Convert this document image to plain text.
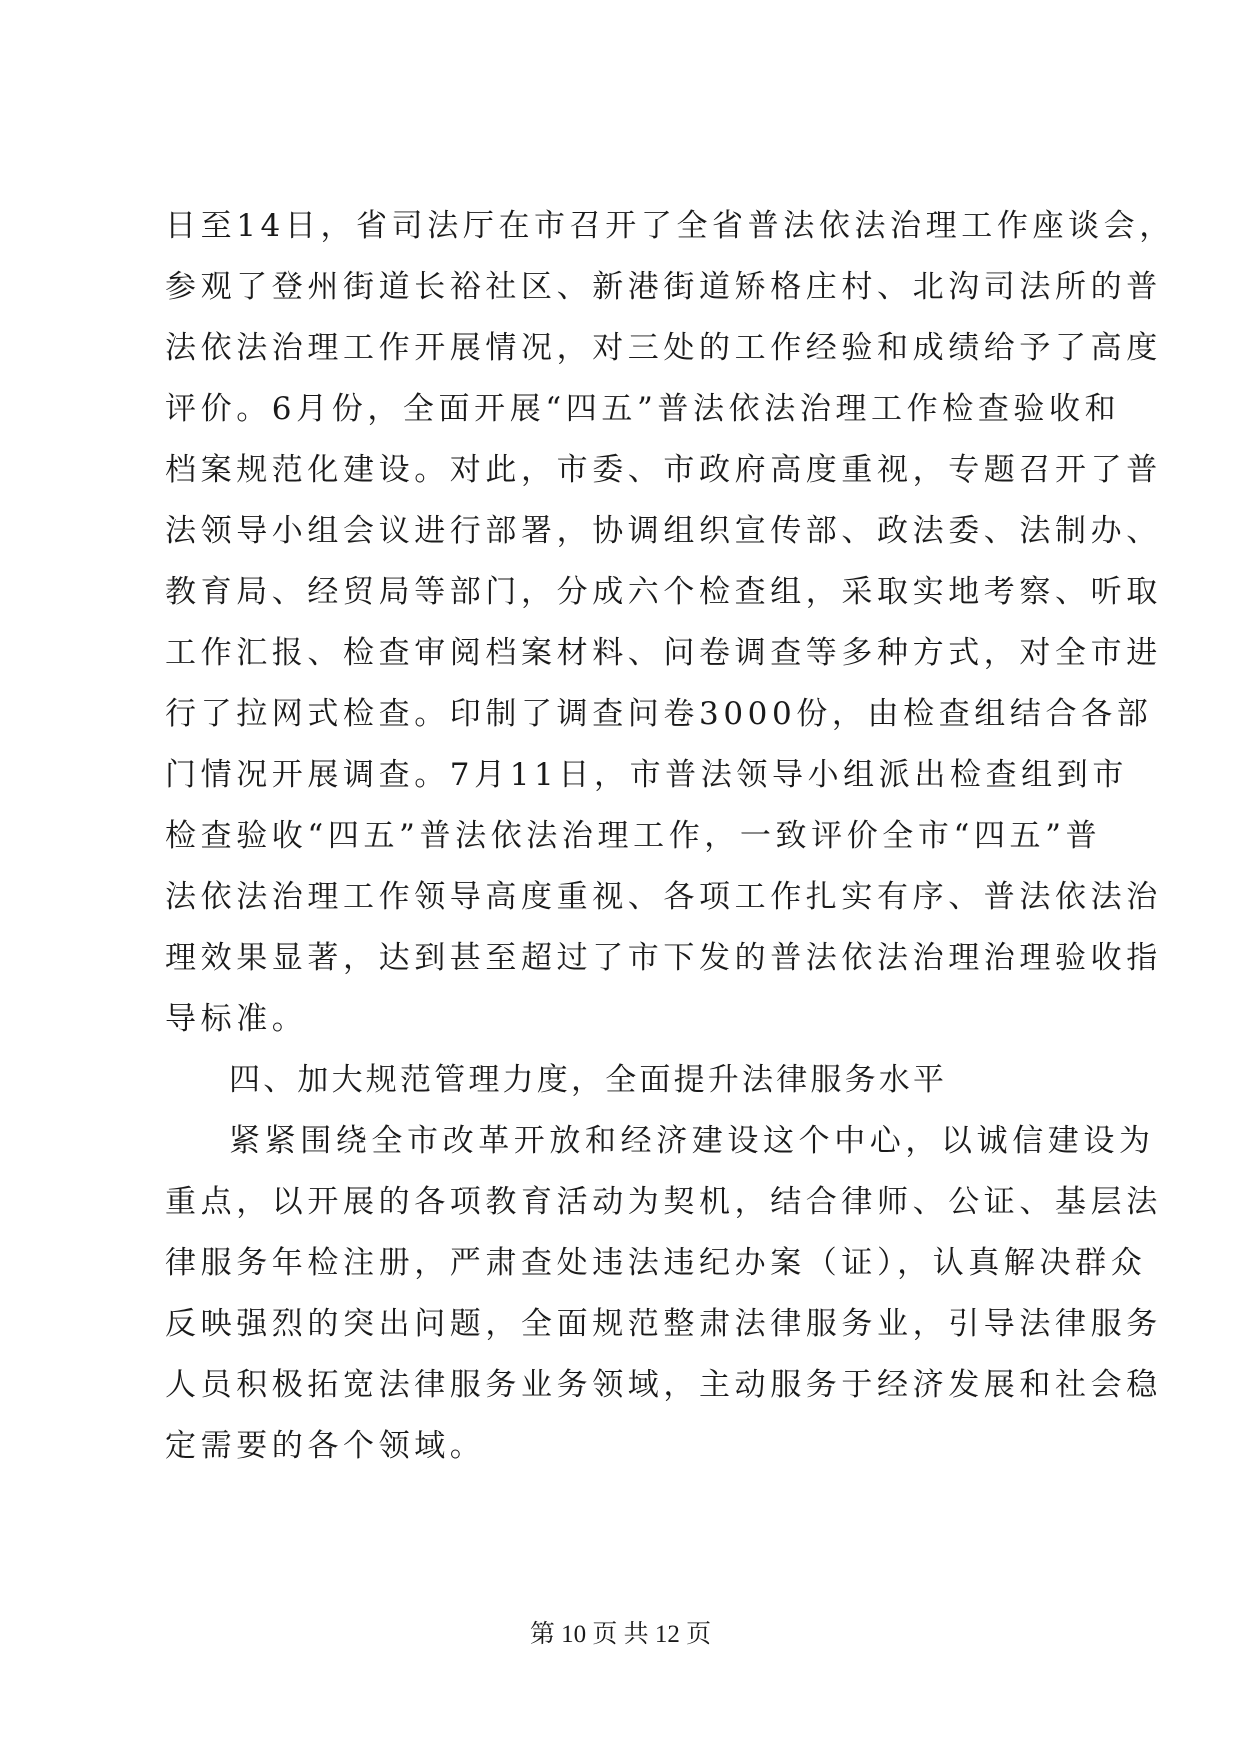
日至14日，省司法厅在市召开了全省普法依法治理工作座谈会，
参观了登州街道长裕社区、新港街道矫格庄村、北沟司法所的普
法依法治理工作开展情况，对三处的工作经验和成绩给予了高度
评价。6月份，全面开展“四五”普法依法治理工作检查验收和
档案规范化建设。对此，市委、市政府高度重视，专题召开了普
法领导小组会议进行部署，协调组织宣传部、政法委、法制办、
教育局、经贸局等部门，分成六个检查组，采取实地考察、听取
工作汇报、检查审阅档案材料、问卷调查等多种方式，对全市进
行了拉网式检查。印制了调查问卷3000份，由检查组结合各部
门情况开展调查。7月11日，市普法领导小组派出检查组到市
检查验收“四五”普法依法治理工作，一致评价全市“四五”普
法依法治理工作领导高度重视、各项工作扎实有序、普法依法治
理效果显著，达到甚至超过了市下发的普法依法治理治理验收指
导标准。
四、加大规范管理力度，全面提升法律服务水平
紧紧围绕全市改革开放和经济建设这个中心，以诚信建设为
重点，以开展的各项教育活动为契机，结合律师、公证、基层法
律服务年检注册，严肃查处违法违纪办案（证），认真解决群众
反映强烈的突出问题，全面规范整肃法律服务业，引导法律服务
人员积极拓宽法律服务业务领域，主动服务于经济发展和社会稳
定需要的各个领域。
第 10 页 共 12 页
